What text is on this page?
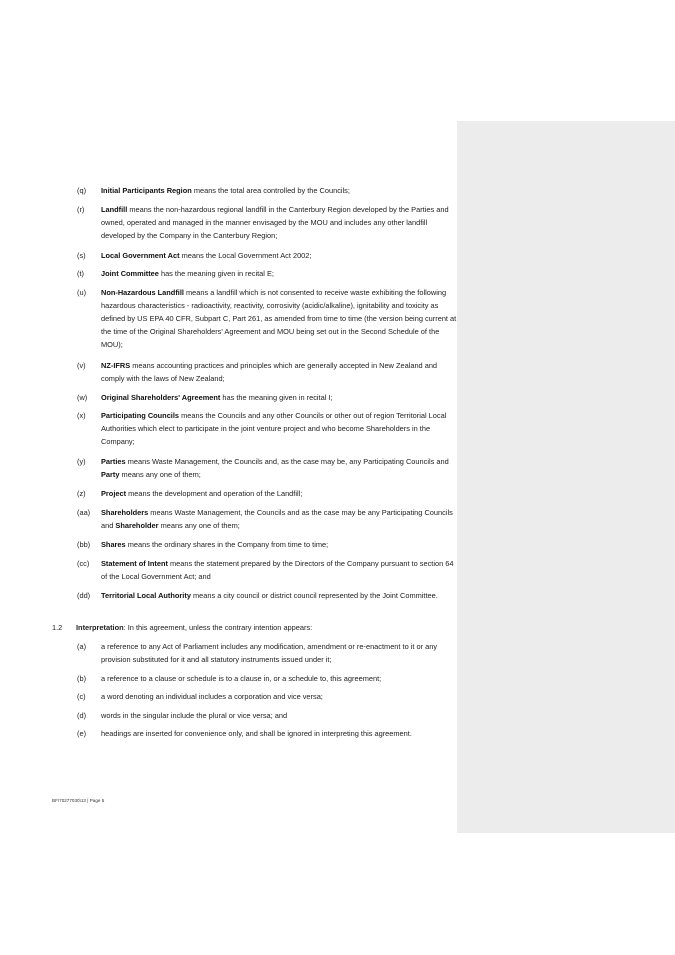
(q) Initial Participants Region means the total area controlled by the Councils;
(r) Landfill means the non-hazardous regional landfill in the Canterbury Region developed by the Parties and owned, operated and managed in the manner envisaged by the MOU and includes any other landfill developed by the Company in the Canterbury Region;
(s) Local Government Act means the Local Government Act 2002;
(t) Joint Committee has the meaning given in recital E;
(u) Non-Hazardous Landfill means a landfill which is not consented to receive waste exhibiting the following hazardous characteristics - radioactivity, reactivity, corrosivity (acidic/alkaline), ignitability and toxicity as defined by US EPA 40 CFR, Subpart C, Part 261, as amended from time to time (the version being current at the time of the Original Shareholders' Agreement and MOU being set out in the Second Schedule of the MOU);
(v) NZ-IFRS means accounting practices and principles which are generally accepted in New Zealand and comply with the laws of New Zealand;
(w) Original Shareholders' Agreement has the meaning given in recital I;
(x) Participating Councils means the Councils and any other Councils or other out of region Territorial Local Authorities which elect to participate in the joint venture project and who become Shareholders in the Company;
(y) Parties means Waste Management, the Councils and, as the case may be, any Participating Councils and Party means any one of them;
(z) Project means the development and operation of the Landfill;
(aa) Shareholders means Waste Management, the Councils and as the case may be any Participating Councils and Shareholder means any one of them;
(bb) Shares means the ordinary shares in the Company from time to time;
(cc) Statement of Intent means the statement prepared by the Directors of the Company pursuant to section 64 of the Local Government Act; and
(dd) Territorial Local Authority means a city council or district council represented by the Joint Committee.
1.2 Interpretation: In this agreement, unless the contrary intention appears:
(a) a reference to any Act of Parliament includes any modification, amendment or re-enactment to it or any provision substituted for it and all statutory instruments issued under it;
(b) a reference to a clause or schedule is to a clause in, or a schedule to, this agreement;
(c) a word denoting an individual includes a corporation and vice versa;
(d) words in the singular include the plural or vice versa; and
(e) headings are inserted for convenience only, and shall be ignored in interpreting this agreement.
BF\70277030\13 | Page 5
